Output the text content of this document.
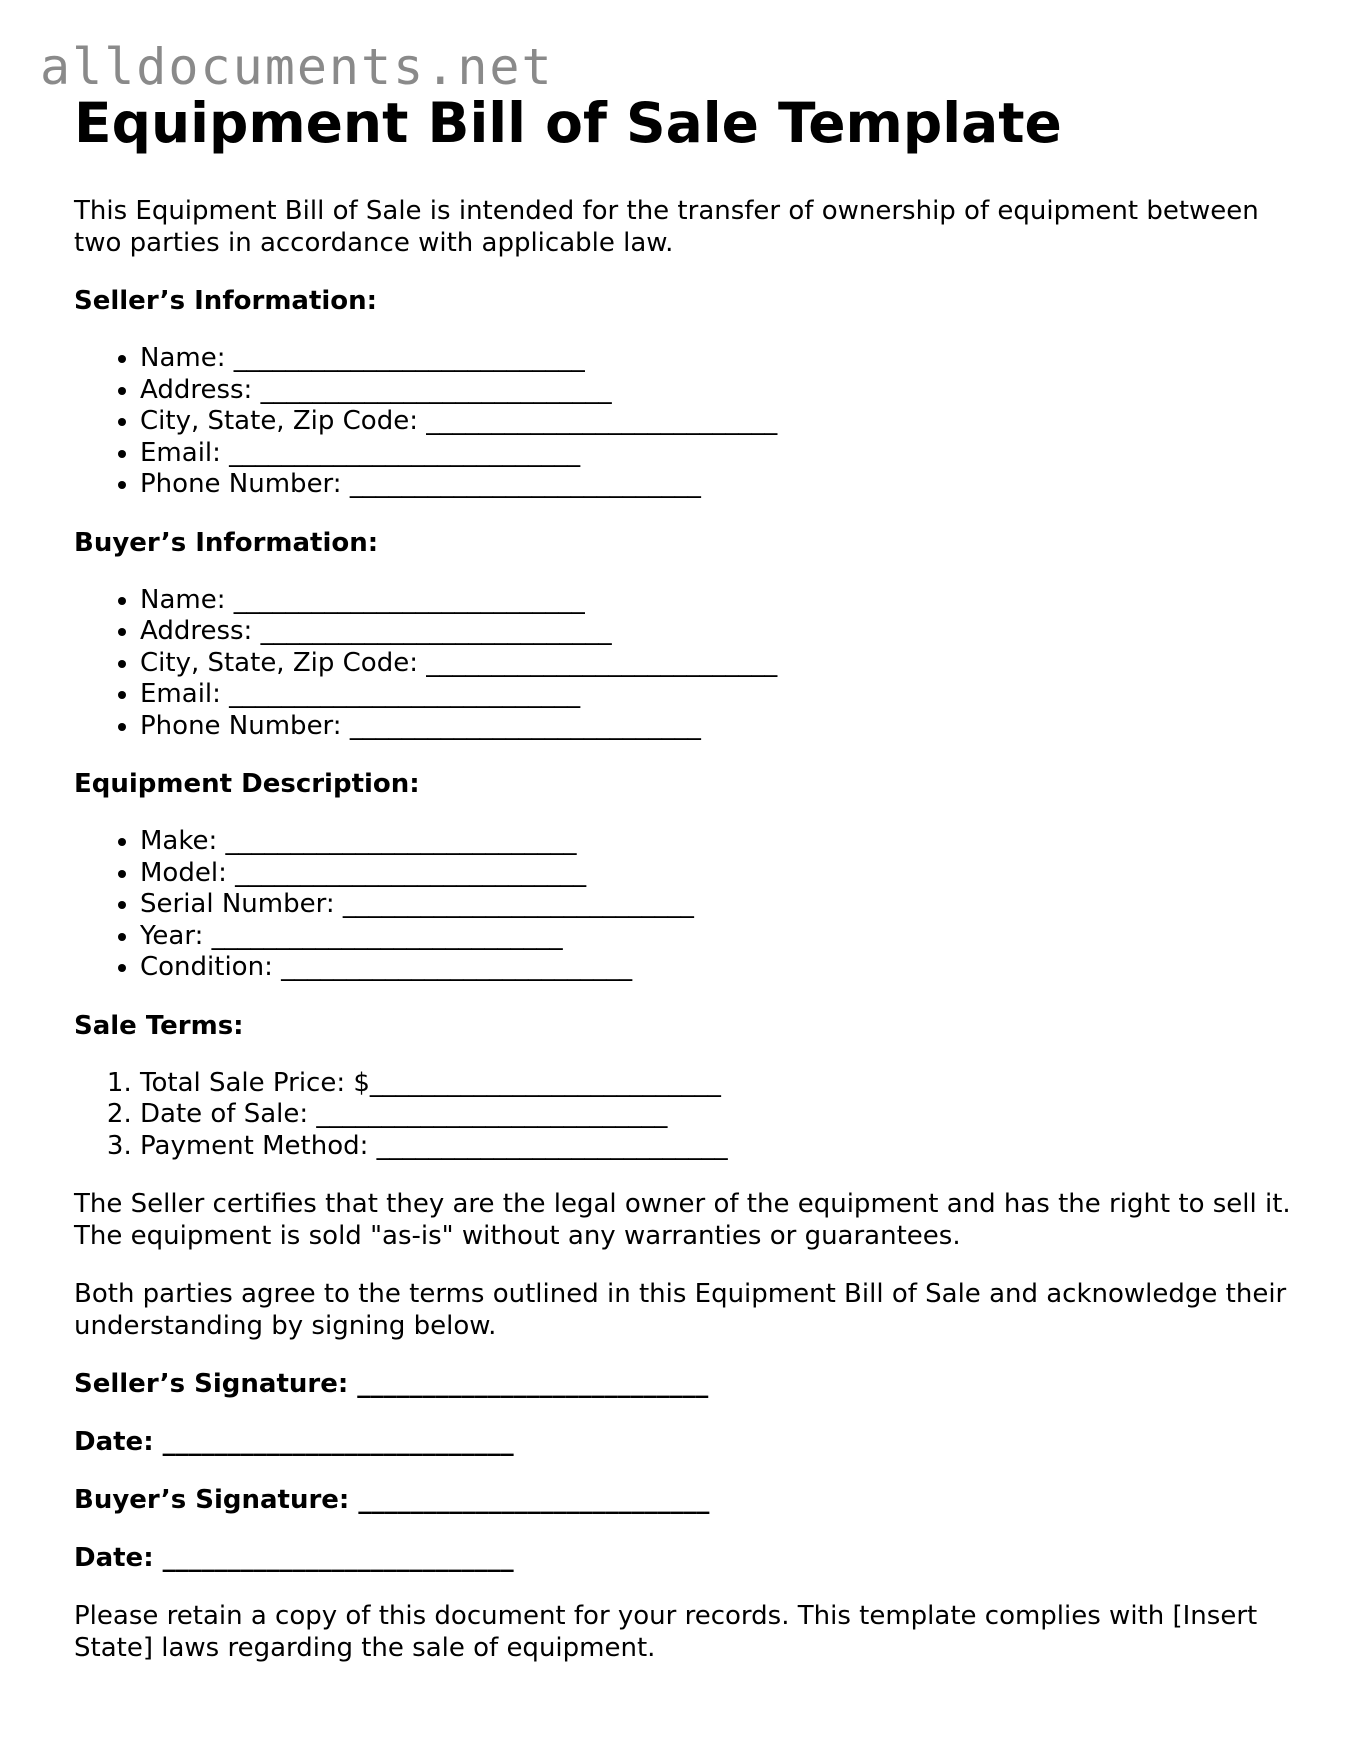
alldocuments.net
Equipment Bill of Sale Template

This Equipment Bill of Sale is intended for the transfer of ownership of equipment between two parties in accordance with applicable law.

Seller’s Information:
• Name: ___________________________
• Address: ___________________________
• City, State, Zip Code: ___________________________
• Email: ___________________________
• Phone Number: ___________________________
Buyer’s Information:
• Name: ___________________________
• Address: ___________________________
• City, State, Zip Code: ___________________________
• Email: ___________________________
• Phone Number: ___________________________
Equipment Description:
• Make: ___________________________
• Model: ___________________________
• Serial Number: ___________________________
• Year: ___________________________
• Condition: ___________________________
Sale Terms:
1. Total Sale Price: $___________________________
2. Date of Sale: ___________________________
3. Payment Method: ___________________________

The Seller certifies that they are the legal owner of the equipment and has the right to sell it. The equipment is sold "as-is" without any warranties or guarantees.

Both parties agree to the terms outlined in this Equipment Bill of Sale and acknowledge their understanding by signing below.

Seller’s Signature: ___________________________
Date: ___________________________
Buyer’s Signature: ___________________________
Date: ___________________________

Please retain a copy of this document for your records. This template complies with [Insert State] laws regarding the sale of equipment.
